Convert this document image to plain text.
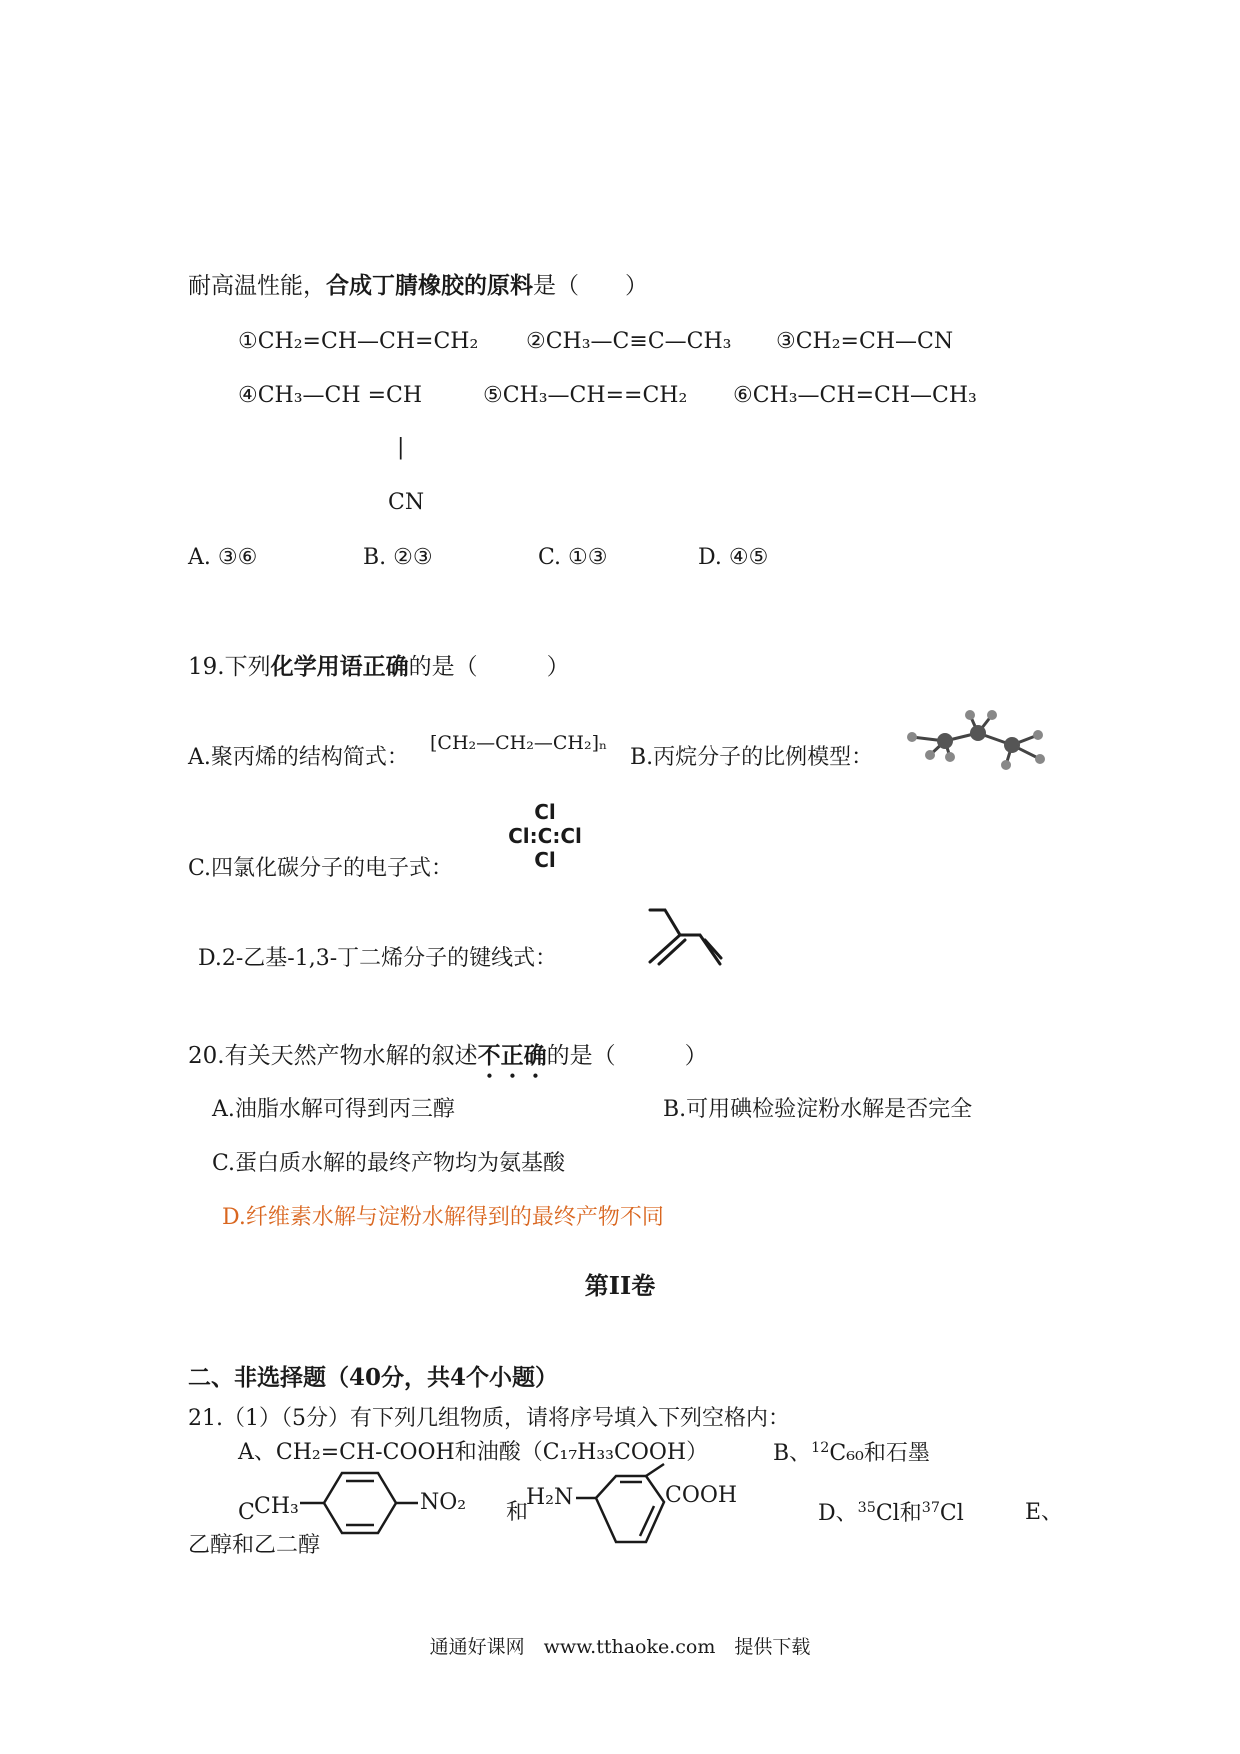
耐高温性能，合成丁腈橡胶的原料是（　　）
①CH₂=CH—CH=CH₂ ②CH₃—C≡C—CH₃ ③CH₂=CH—CN
④CH₃—CH =CH	⑤CH₃—CH==CH₂ ⑥CH₃—CH=CH—CH₃
|
CN
A. ③⑥	B. ②③	C. ①③	D. ④⑤
19.下列化学用语正确的是（　　　）
A.聚丙烯的结构简式：
[CH₂—CH₂—CH₂]ₙ
B.丙烷分子的比例模型：
C.四氯化碳分子的电子式：
Cl
Cl:C:Cl
Cl
D.2-乙基-1,3-丁二烯分子的键线式：
20.有关天然产物水解的叙述不正确的是（　　　）
A.油脂水解可得到丙三醇	B.可用碘检验淀粉水解是否完全
C.蛋白质水解的最终产物均为氨基酸
D.纤维素水解与淀粉水解得到的最终产物不同
第II卷
二、非选择题（40分，共4个小题）
21.（1）（5分）有下列几组物质，请将序号填入下列空格内：
A、CH₂=CH-COOH和油酸（C₁₇H₃₃COOH）	B、$^{12}$C₆₀和石墨
C CH₃	NO₂ 和
H₂N	COOH
D、$^{35}$Cl和$^{37}$Cl	E、
乙醇和乙二醇
通通好课网　www.tthaoke.com　提供下载
